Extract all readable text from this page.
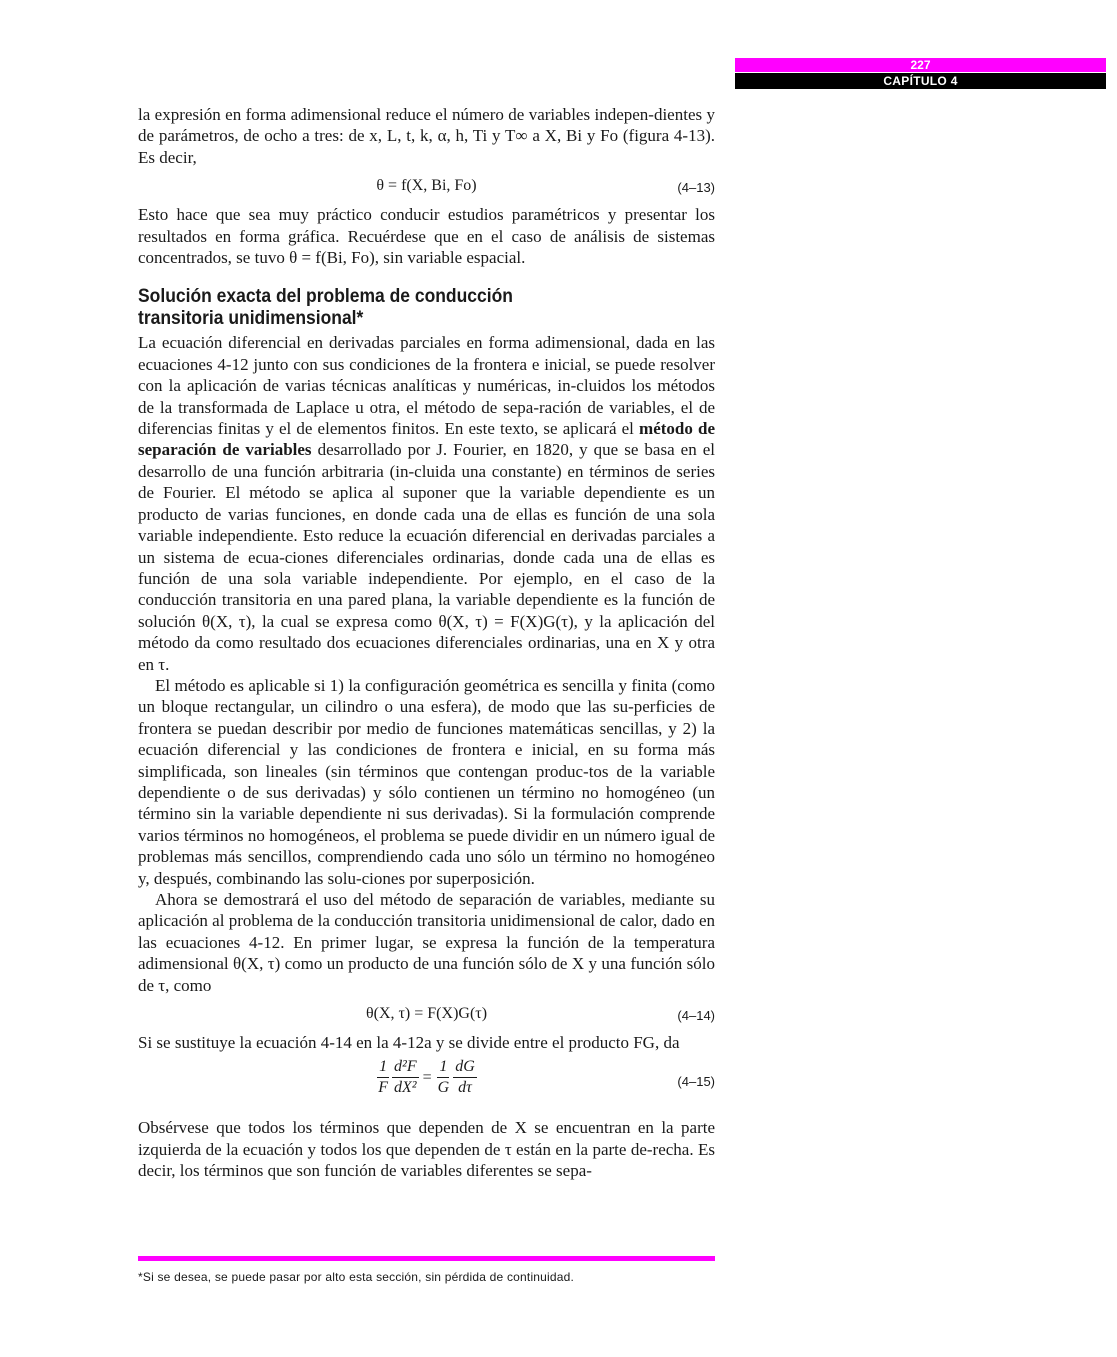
227
CAPÍTULO 4

la expresión en forma adimensional reduce el número de variables indepen-dientes y de parámetros, de ocho a tres: de x, L, t, k, α, h, Ti y T∞ a X, Bi y Fo (figura 4-13). Es decir,

θ = f(X, Bi, Fo)	(4–13)

Esto hace que sea muy práctico conducir estudios paramétricos y presentar los resultados en forma gráfica. Recuérdese que en el caso de análisis de sistemas concentrados, se tuvo θ = f(Bi, Fo), sin variable espacial.

Solución exacta del problema de conducción
transitoria unidimensional*

La ecuación diferencial en derivadas parciales en forma adimensional, dada en las ecuaciones 4-12 junto con sus condiciones de la frontera e inicial, se puede resolver con la aplicación de varias técnicas analíticas y numéricas, in-cluidos los métodos de la transformada de Laplace u otra, el método de sepa-ración de variables, el de diferencias finitas y el de elementos finitos. En este texto, se aplicará el método de separación de variables desarrollado por J. Fourier, en 1820, y que se basa en el desarrollo de una función arbitraria (in-cluida una constante) en términos de series de Fourier. El método se aplica al suponer que la variable dependiente es un producto de varias funciones, en donde cada una de ellas es función de una sola variable independiente. Esto reduce la ecuación diferencial en derivadas parciales a un sistema de ecua-ciones diferenciales ordinarias, donde cada una de ellas es función de una sola variable independiente. Por ejemplo, en el caso de la conducción transitoria en una pared plana, la variable dependiente es la función de solución θ(X, τ), la cual se expresa como θ(X, τ) = F(X)G(τ), y la aplicación del método da como resultado dos ecuaciones diferenciales ordinarias, una en X y otra en τ.

El método es aplicable si 1) la configuración geométrica es sencilla y finita (como un bloque rectangular, un cilindro o una esfera), de modo que las su-perficies de frontera se puedan describir por medio de funciones matemáticas sencillas, y 2) la ecuación diferencial y las condiciones de frontera e inicial, en su forma más simplificada, son lineales (sin términos que contengan produc-tos de la variable dependiente o de sus derivadas) y sólo contienen un término no homogéneo (un término sin la variable dependiente ni sus derivadas). Si la formulación comprende varios términos no homogéneos, el problema se puede dividir en un número igual de problemas más sencillos, comprendiendo cada uno sólo un término no homogéneo y, después, combinando las solu-ciones por superposición.

Ahora se demostrará el uso del método de separación de variables, mediante su aplicación al problema de la conducción transitoria unidimensional de calor, dado en las ecuaciones 4-12. En primer lugar, se expresa la función de la temperatura adimensional θ(X, τ) como un producto de una función sólo de X y una función sólo de τ, como

θ(X, τ) = F(X)G(τ)	(4–14)

Si se sustituye la ecuación 4-14 en la 4-12a y se divide entre el producto FG, da

$\frac{1}{F} \frac{\text{d²F}}{\text{dX²}} = \frac{1}{G} \frac{dG}{d\tau}$	(4–15)

Obsérvese que todos los términos que dependen de X se encuentran en la parte izquierda de la ecuación y todos los que dependen de τ están en la parte de-recha. Es decir, los términos que son función de variables diferentes se sepa-

*Si se desea, se puede pasar por alto esta sección, sin pérdida de continuidad.
